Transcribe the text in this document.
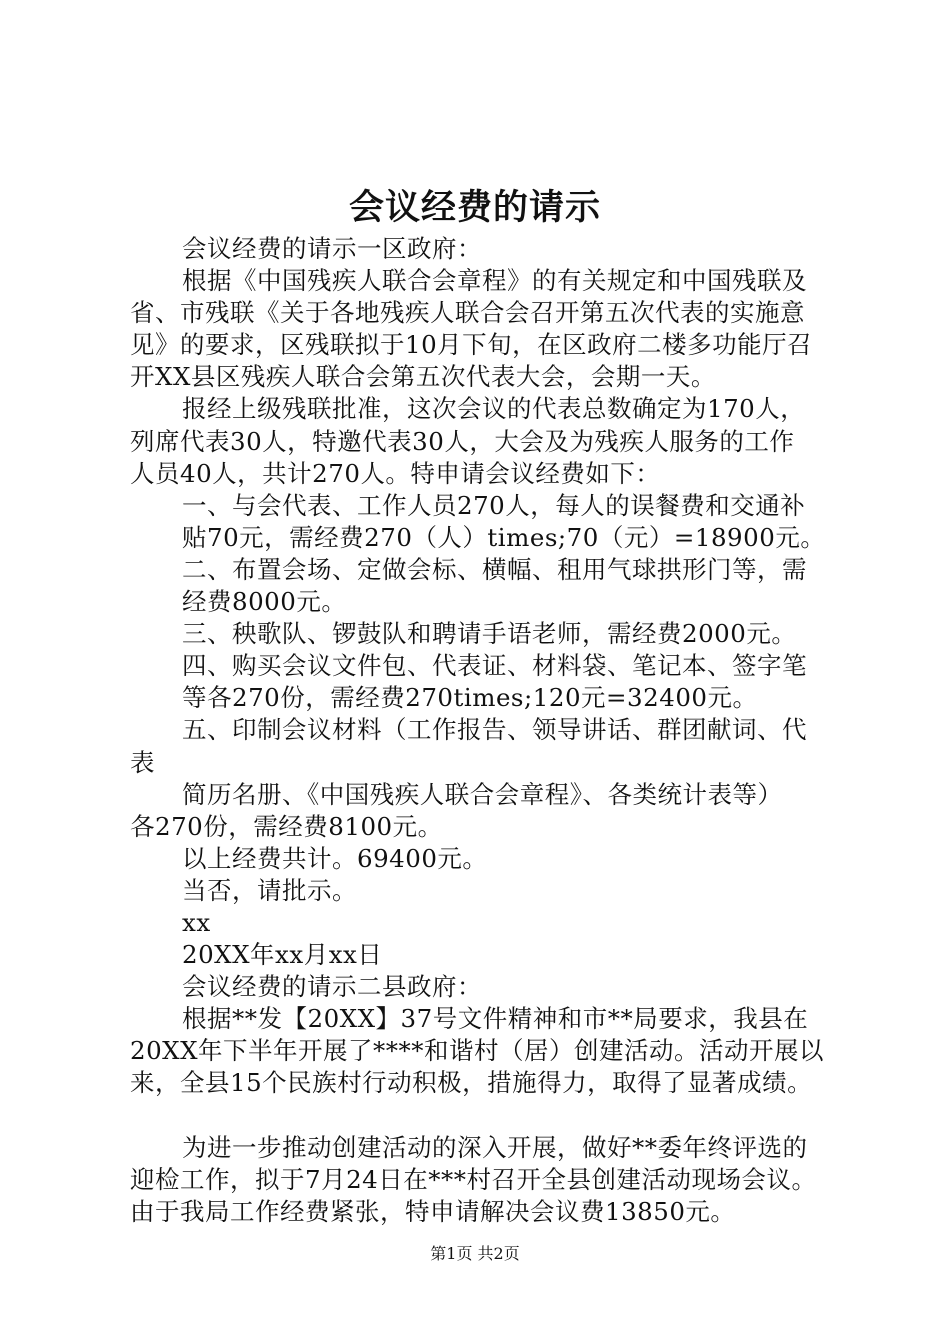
会议经费的请示
会议经费的请示一区政府：
根据《中国残疾人联合会章程》的有关规定和中国残联及
省、市残联《关于各地残疾人联合会召开第五次代表的实施意
见》的要求，区残联拟于10月下旬，在区政府二楼多功能厅召
开XX县区残疾人联合会第五次代表大会，会期一天。
报经上级残联批准，这次会议的代表总数确定为170人，
列席代表30人，特邀代表30人，大会及为残疾人服务的工作
人员40人，共计270人。特申请会议经费如下：
一、与会代表、工作人员270人，每人的误餐费和交通补
贴70元，需经费270（人）times;70（元）=18900元。
二、布置会场、定做会标、横幅、租用气球拱形门等，需
经费8000元。
三、秧歌队、锣鼓队和聘请手语老师，需经费2000元。
四、购买会议文件包、代表证、材料袋、笔记本、签字笔
等各270份，需经费270times;120元=32400元。
五、印制会议材料（工作报告、领导讲话、群团献词、代
表
简历名册、《中国残疾人联合会章程》、各类统计表等）
各270份，需经费8100元。
以上经费共计。69400元。
当否，请批示。
xx
20XX年xx月xx日
会议经费的请示二县政府：
根据**发【20XX】37号文件精神和市**局要求，我县在
20XX年下半年开展了****和谐村（居）创建活动。活动开展以
来，全县15个民族村行动积极，措施得力，取得了显著成绩。
为进一步推动创建活动的深入开展，做好**委年终评选的
迎检工作，拟于7月24日在***村召开全县创建活动现场会议。
由于我局工作经费紧张，特申请解决会议费13850元。
第1页 共2页
